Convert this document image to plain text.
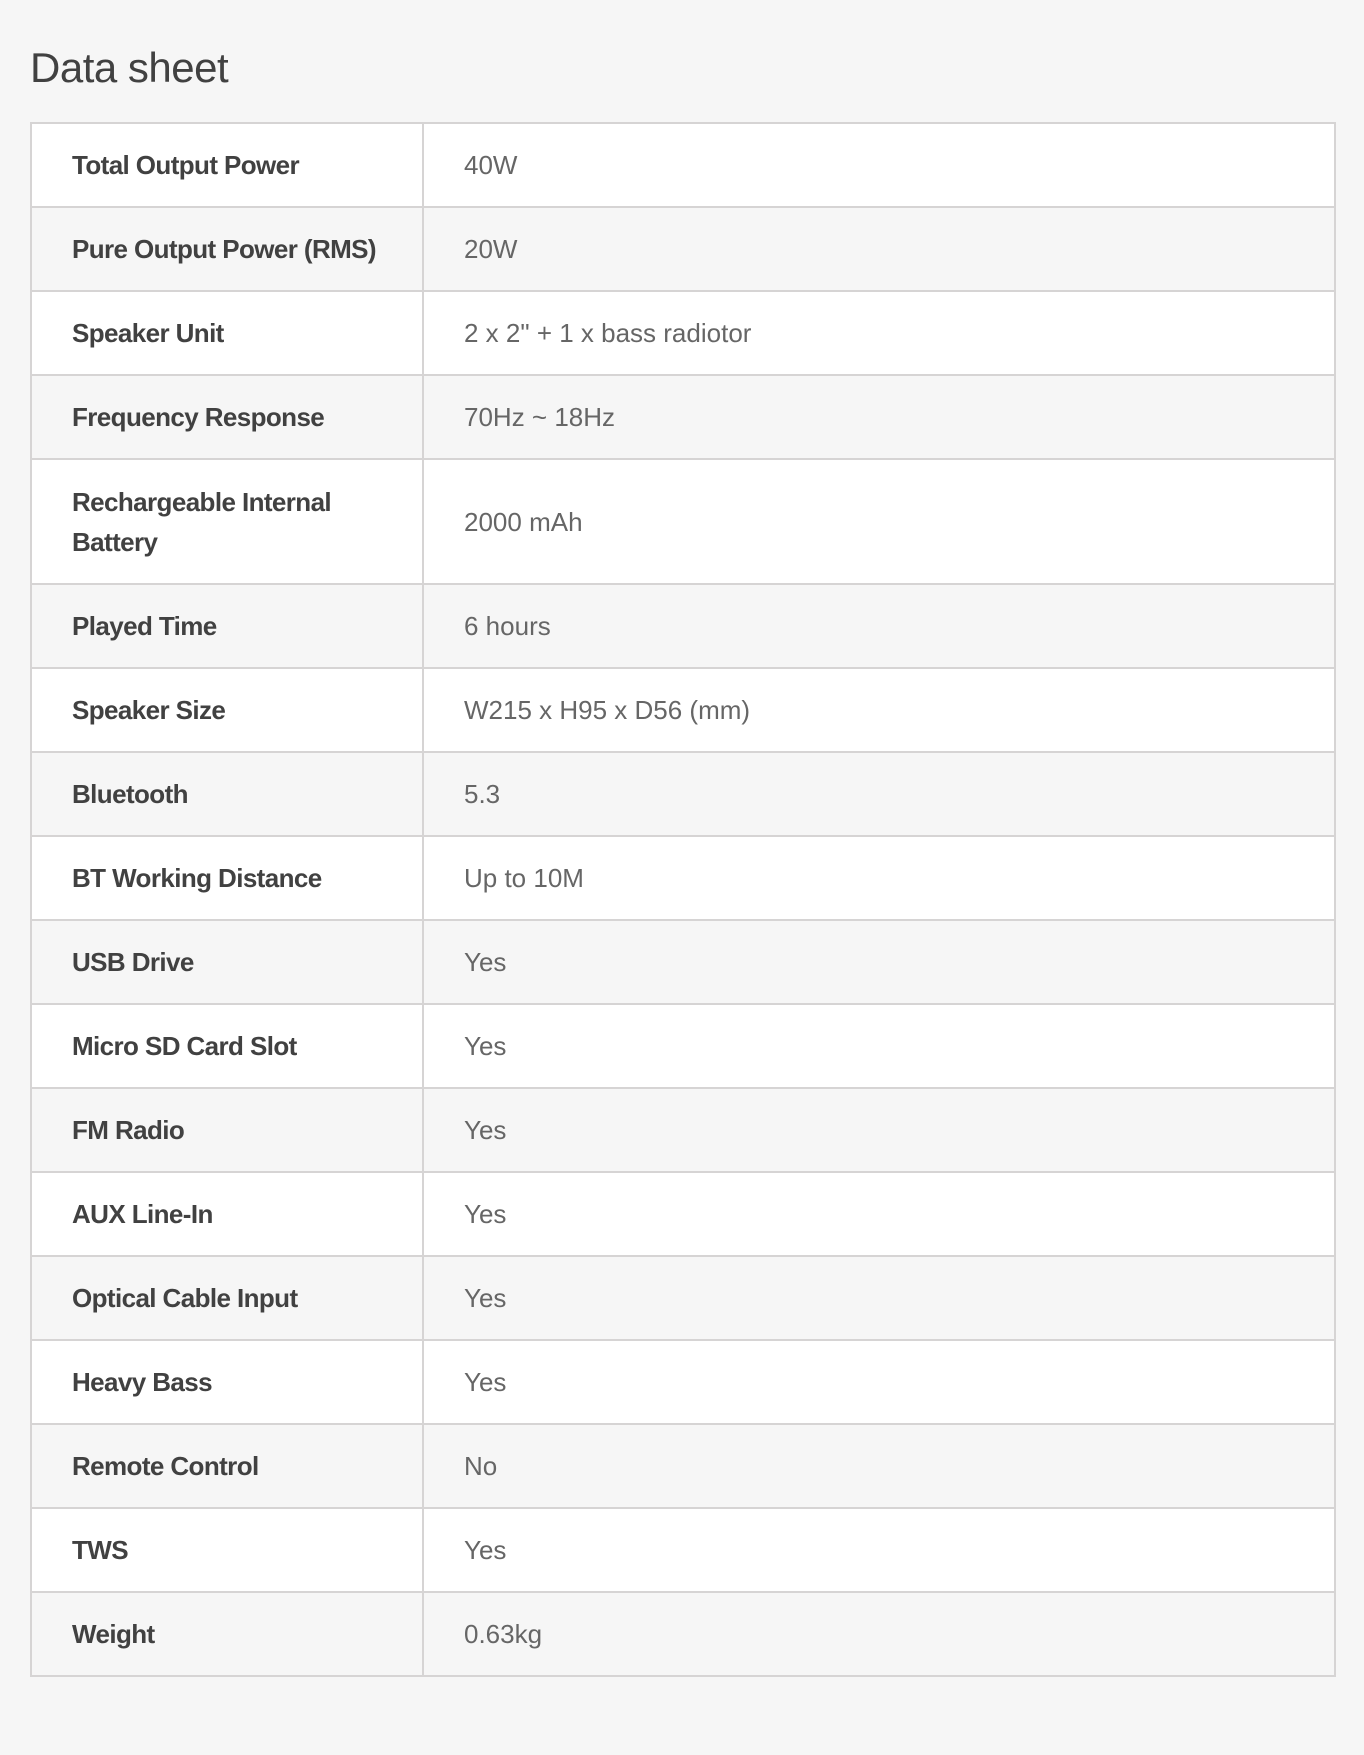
Data sheet
Total Output Power	40W
Pure Output Power (RMS)	20W
Speaker Unit	2 x 2" + 1 x bass radiotor
Frequency Response	70Hz ~ 18Hz
Rechargeable Internal Battery	2000 mAh
Played Time	6 hours
Speaker Size	W215 x H95 x D56 (mm)
Bluetooth	5.3
BT Working Distance	Up to 10M
USB Drive	Yes
Micro SD Card Slot	Yes
FM Radio	Yes
AUX Line-In	Yes
Optical Cable Input	Yes
Heavy Bass	Yes
Remote Control	No
TWS	Yes
Weight	0.63kg
